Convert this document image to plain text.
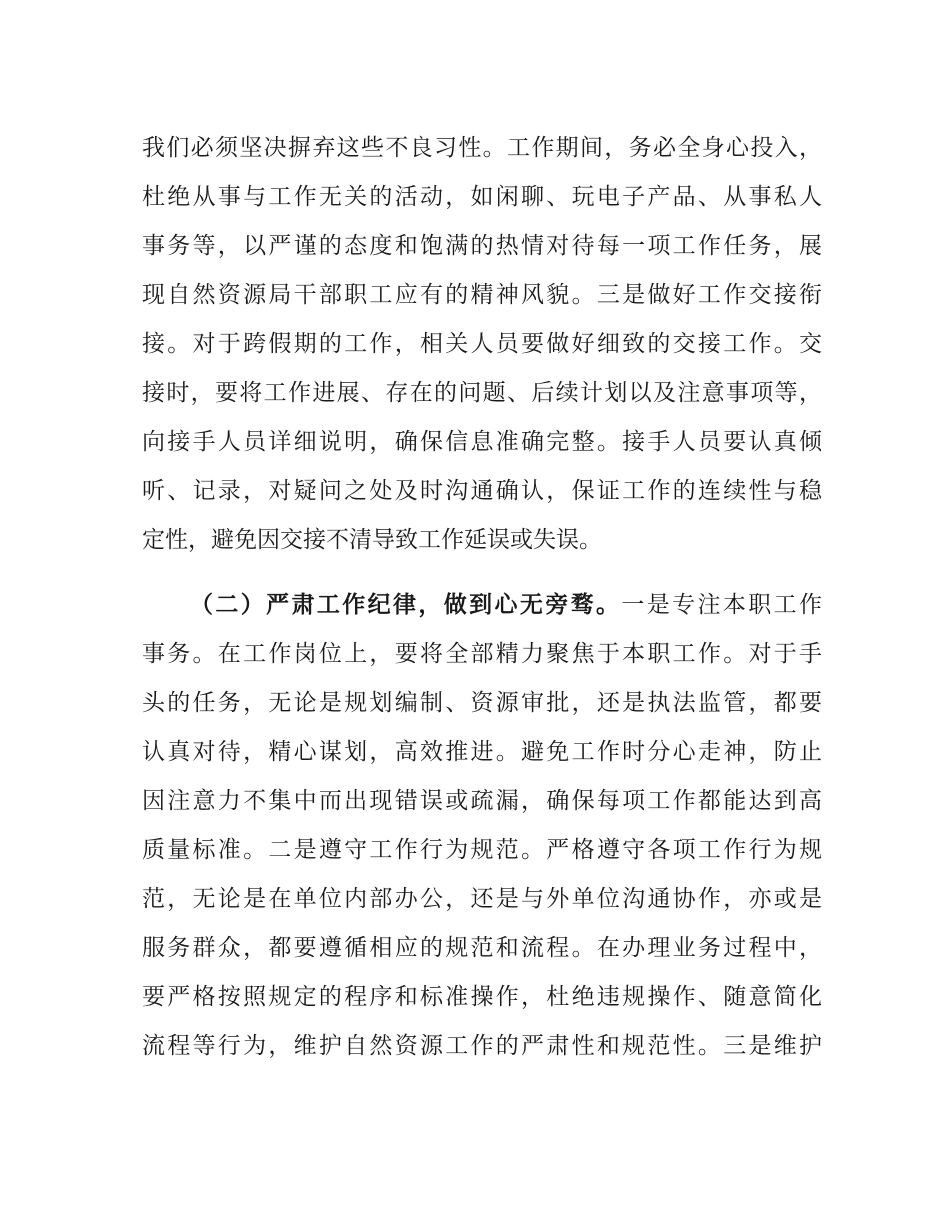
我们必须坚决摒弃这些不良习性。工作期间，务必全身心投入，
杜绝从事与工作无关的活动，如闲聊、玩电子产品、从事私人
事务等，以严谨的态度和饱满的热情对待每一项工作任务，展
现自然资源局干部职工应有的精神风貌。三是做好工作交接衔
接。对于跨假期的工作，相关人员要做好细致的交接工作。交
接时，要将工作进展、存在的问题、后续计划以及注意事项等，
向接手人员详细说明，确保信息准确完整。接手人员要认真倾
听、记录，对疑问之处及时沟通确认，保证工作的连续性与稳
定性，避免因交接不清导致工作延误或失误。
（二）严肃工作纪律，做到心无旁骛。一是专注本职工作
事务。在工作岗位上，要将全部精力聚焦于本职工作。对于手
头的任务，无论是规划编制、资源审批，还是执法监管，都要
认真对待，精心谋划，高效推进。避免工作时分心走神，防止
因注意力不集中而出现错误或疏漏，确保每项工作都能达到高
质量标准。二是遵守工作行为规范。严格遵守各项工作行为规
范，无论是在单位内部办公，还是与外单位沟通协作，亦或是
服务群众，都要遵循相应的规范和流程。在办理业务过程中，
要严格按照规定的程序和标准操作，杜绝违规操作、随意简化
流程等行为，维护自然资源工作的严肃性和规范性。三是维护
